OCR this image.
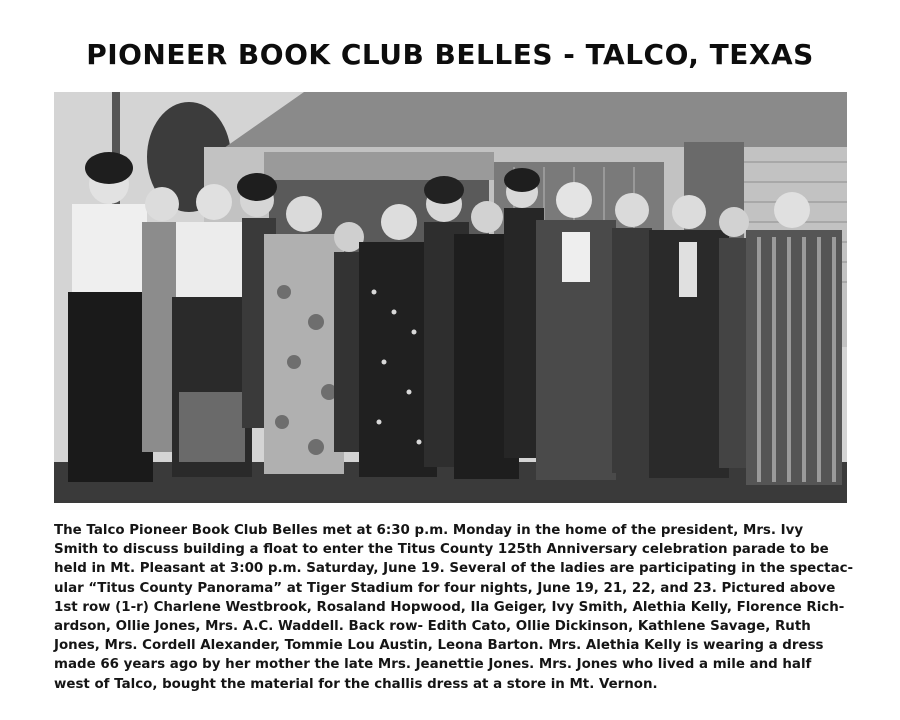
PIONEER BOOK CLUB BELLES - TALCO, TEXAS
The Talco Pioneer Book Club Belles met at 6:30 p.m. Monday in the home of the president, Mrs. Ivy
Smith to discuss building a float to enter the Titus County 125th Anniversary celebration parade to be
held in Mt. Pleasant at 3:00 p.m. Saturday, June 19. Several of the ladies are participating in the spectac-
ular “Titus County Panorama” at Tiger Stadium for four nights, June 19, 21, 22, and 23. Pictured above
1st row (1-r) Charlene Westbrook, Rosaland Hopwood, Ila Geiger, Ivy Smith, Alethia Kelly, Florence Rich-
ardson, Ollie Jones, Mrs. A.C. Waddell. Back row- Edith Cato, Ollie Dickinson, Kathlene Savage, Ruth
Jones, Mrs. Cordell Alexander, Tommie Lou Austin, Leona Barton. Mrs. Alethia Kelly is wearing a dress
made 66 years ago by her mother the late Mrs. Jeanettie Jones. Mrs. Jones who lived a mile and half
west of Talco, bought the material for the challis dress at a store in Mt. Vernon.
